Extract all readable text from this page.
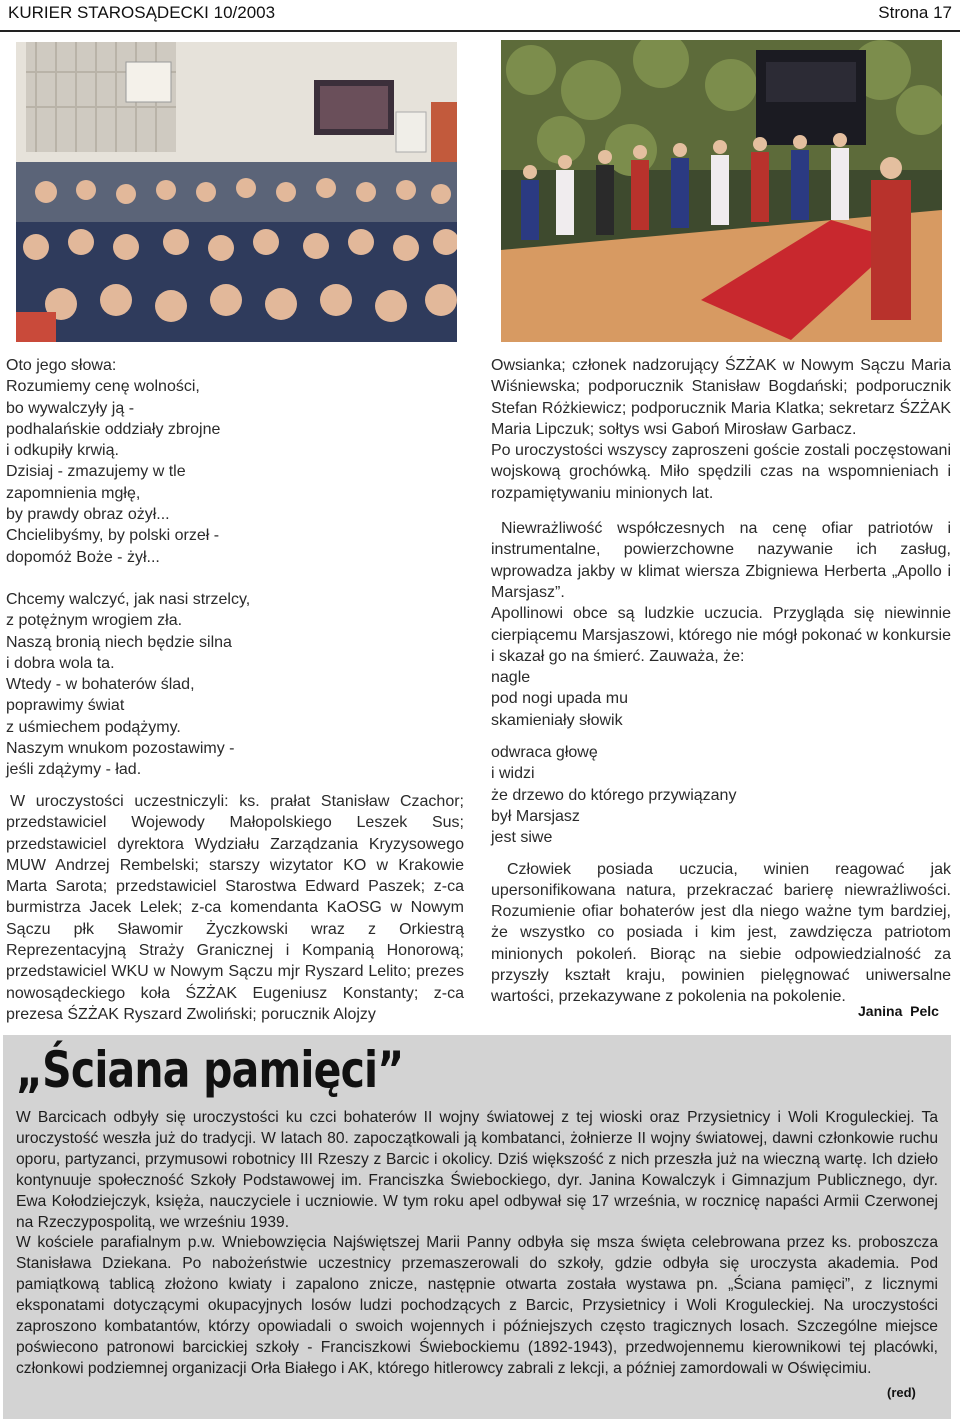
KURIER STAROSĄDECKI 10/2003	Strona 17
Oto jego słowa:
Rozumiemy cenę wolności,
bo wywalczyły ją -
podhalańskie oddziały zbrojne
i odkupiły krwią.
Dzisiaj - zmazujemy w tle
zapomnienia mgłę,
by prawdy obraz ożył...
Chcielibyśmy, by polski orzeł -
dopomóż Boże - żył...
Chcemy walczyć, jak nasi strzelcy,
z potężnym wrogiem zła.
Naszą bronią niech będzie silna
i dobra wola ta.
Wtedy - w bohaterów ślad,
poprawimy świat
z uśmiechem podążymy.
Naszym wnukom pozostawimy -
jeśli zdążymy - ład.
W uroczystości uczestniczyli: ks. prałat Stanisław Czachor; przedstawiciel Wojewody Małopolskiego Leszek Sus; przedstawiciel dyrektora Wydziału Zarządzania Kryzysowego MUW Andrzej Rembelski; starszy wizytator KO w Krakowie Marta Sarota; przedstawiciel Starostwa Edward Paszek; z-ca burmistrza Jacek Lelek; z-ca komendanta KaOSG w Nowym Sączu płk Sławomir Życzkowski wraz z Orkiestrą Reprezentacyjną Straży Granicznej i Kompanią Honorową; przedstawiciel WKU w Nowym Sączu mjr Ryszard Lelito; prezes nowosądeckiego koła ŚZŻAK Eugeniusz Konstanty; z-ca prezesa ŚZŻAK Ryszard Zwoliński; porucznik Alojzy
Owsianka; członek nadzorujący ŚZŻAK w Nowym Sączu Maria Wiśniewska; podporucznik Stanisław Bogdański; podporucznik Stefan Różkiewicz; podporucznik Maria Klatka; sekretarz ŚZŻAK Maria Lipczuk; sołtys wsi Gaboń Mirosław Garbacz.
Po uroczystości wszyscy zaproszeni goście zostali poczęstowani wojskową grochówką. Miło spędzili czas na wspomnieniach i rozpamiętywaniu minionych lat.
Niewrażliwość współczesnych na cenę ofiar patriotów i instrumentalne, powierzchowne nazywanie ich zasług, wprowadza jakby w klimat wiersza Zbigniewa Herberta „Apollo i Marsjasz”.
Apollinowi obce są ludzkie uczucia. Przygląda się niewinnie cierpiącemu Marsjaszowi, którego nie mógł pokonać w konkursie i skazał go na śmierć. Zauważa, że:
nagle
pod nogi upada mu
skamieniały słowik
odwraca głowę
i widzi
że drzewo do którego przywiązany
był Marsjasz
jest siwe
Człowiek posiada uczucia, winien reagować jak upersonifikowana natura, przekraczać barierę niewrażliwości. Rozumienie ofiar bohaterów jest dla niego ważne tym bardziej, że wszystko co posiada i kim jest, zawdzięcza patriotom minionych pokoleń. Biorąc na siebie odpowiedzialność za przyszły kształt kraju, powinien pielęgnować uniwersalne wartości, przekazywane z pokolenia na pokolenie.
Janina  Pelc
„Ściana pamięci”

W Barcicach odbyły się uroczystości ku czci bohaterów II wojny światowej z tej wioski oraz Przysietnicy i Woli Kroguleckiej. Ta uroczystość weszła już do tradycji. W latach 80. zapoczątkowali ją kombatanci, żołnierze II wojny światowej, dawni członkowie ruchu oporu, partyzanci, przymusowi robotnicy III Rzeszy z Barcic i okolicy. Dziś większość z nich przeszła już na wieczną wartę. Ich dzieło kontynuuje społeczność Szkoły Podstawowej im. Franciszka Świebockiego, dyr. Janina Kowalczyk i Gimnazjum Publicznego, dyr. Ewa Kołodziejczyk, księża, nauczyciele i uczniowie. W tym roku apel odbywał się 17 września, w rocznicę napaści Armii Czerwonej na Rzeczypospolitą, we wrześniu 1939.

W kościele parafialnym p.w. Wniebowzięcia Najświętszej Marii Panny odbyła się msza święta celebrowana przez ks. proboszcza Stanisława Dziekana. Po nabożeństwie uczestnicy przemaszerowali do szkoły, gdzie odbyła się uroczysta akademia. Pod pamiątkową tablicą złożono kwiaty i zapalono znicze, następnie otwarta została wystawa pn. „Ściana pamięci”, z licznymi eksponatami dotyczącymi okupacyjnych losów ludzi pochodzących z Barcic, Przysietnicy i Woli Kroguleckiej. Na uroczystości zaproszono kombatantów, którzy opowiadali o swoich wojennych i późniejszych często tragicznych losach. Szczególne miejsce poświecono patronowi barcickiej szkoły - Franciszkowi Świebockiemu (1892-1943), przedwojennemu kierownikowi tej placówki, członkowi podziemnej organizacji Orła Białego i AK, którego hitlerowcy zabrali z lekcji, a później zamordowali w Oświęcimiu.

(red)
